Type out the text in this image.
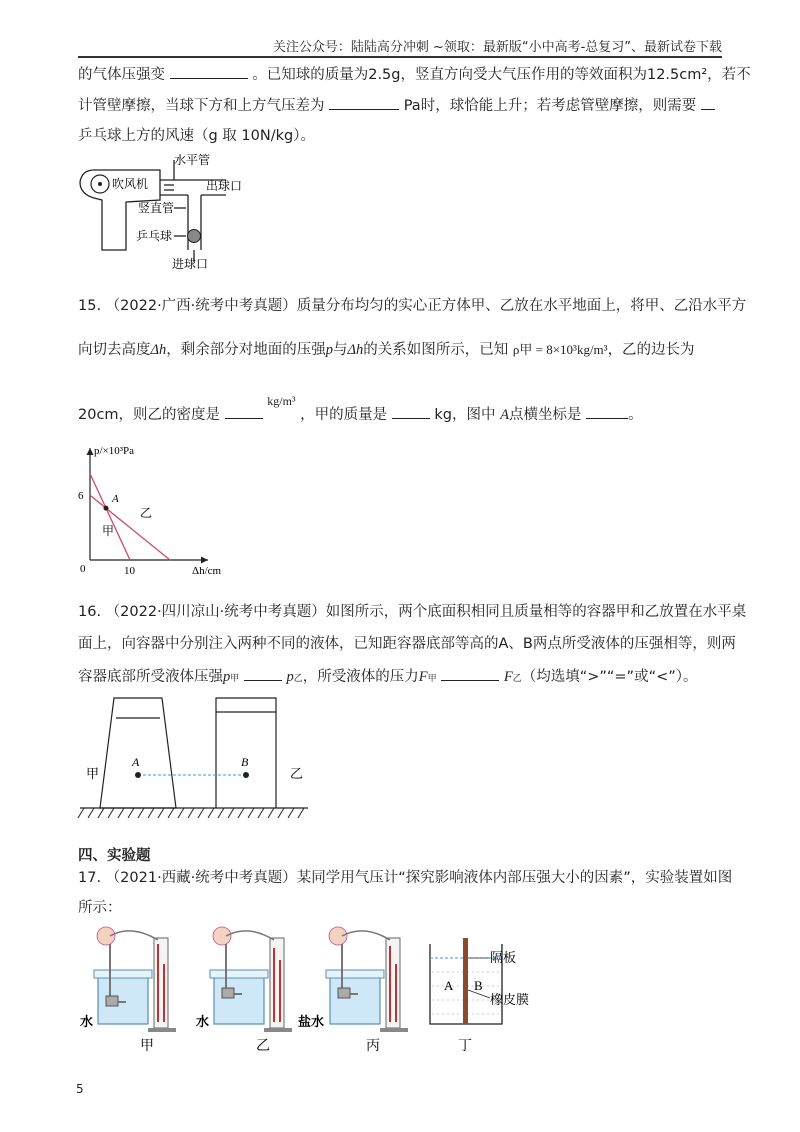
关注公众号：陆陆高分冲刺 ~领取：最新版“小中高考-总复习”、最新试卷下载
的气体压强变	。已知球的质量为2.5g，竖直方向受大气压作用的等效面积为12.5cm²，若不
计管壁摩擦，当球下方和上方气压差为	Pa时，球恰能上升；若考虑管壁摩擦，则需要
乒乓球上方的风速（g 取 10N/kg）。
水平管
吹风机	出球口
竖直管
乒乓球
进球口
15. （2022·广西·统考中考真题）质量分布均匀的实心正方体甲、乙放在水平地面上，将甲、乙沿水平方
向切去高度Δh，剩余部分对地面的压强p与Δh的关系如图所示，已知 ρ甲 = 8×10³kg/m³，乙的边长为
20cm，则乙的密度是  $^{kg/m^3}$ ，甲的质量是	kg，图中 A点横坐标是	。
p/×10³Pa
Δh/cm
0
6
10
A
甲
乙
16. （2022·四川凉山·统考中考真题）如图所示，两个底面积相同且质量相等的容器甲和乙放置在水平桌
面上，向容器中分别注入两种不同的液体，已知距容器底部等高的A、B两点所受液体的压强相等，则两
容器底部所受液体压强p甲	p乙，所受液体的压力F甲	F乙（均选填“>”“=”或“<”）。
A	B
甲	乙
四、实验题
17. （2021·西藏·统考中考真题）某同学用气压计“探究影响液体内部压强大小的因素”，实验装置如图
所示：
水
甲
水
乙
盐水
丙
隔板
橡皮膜
A B
丁
5
